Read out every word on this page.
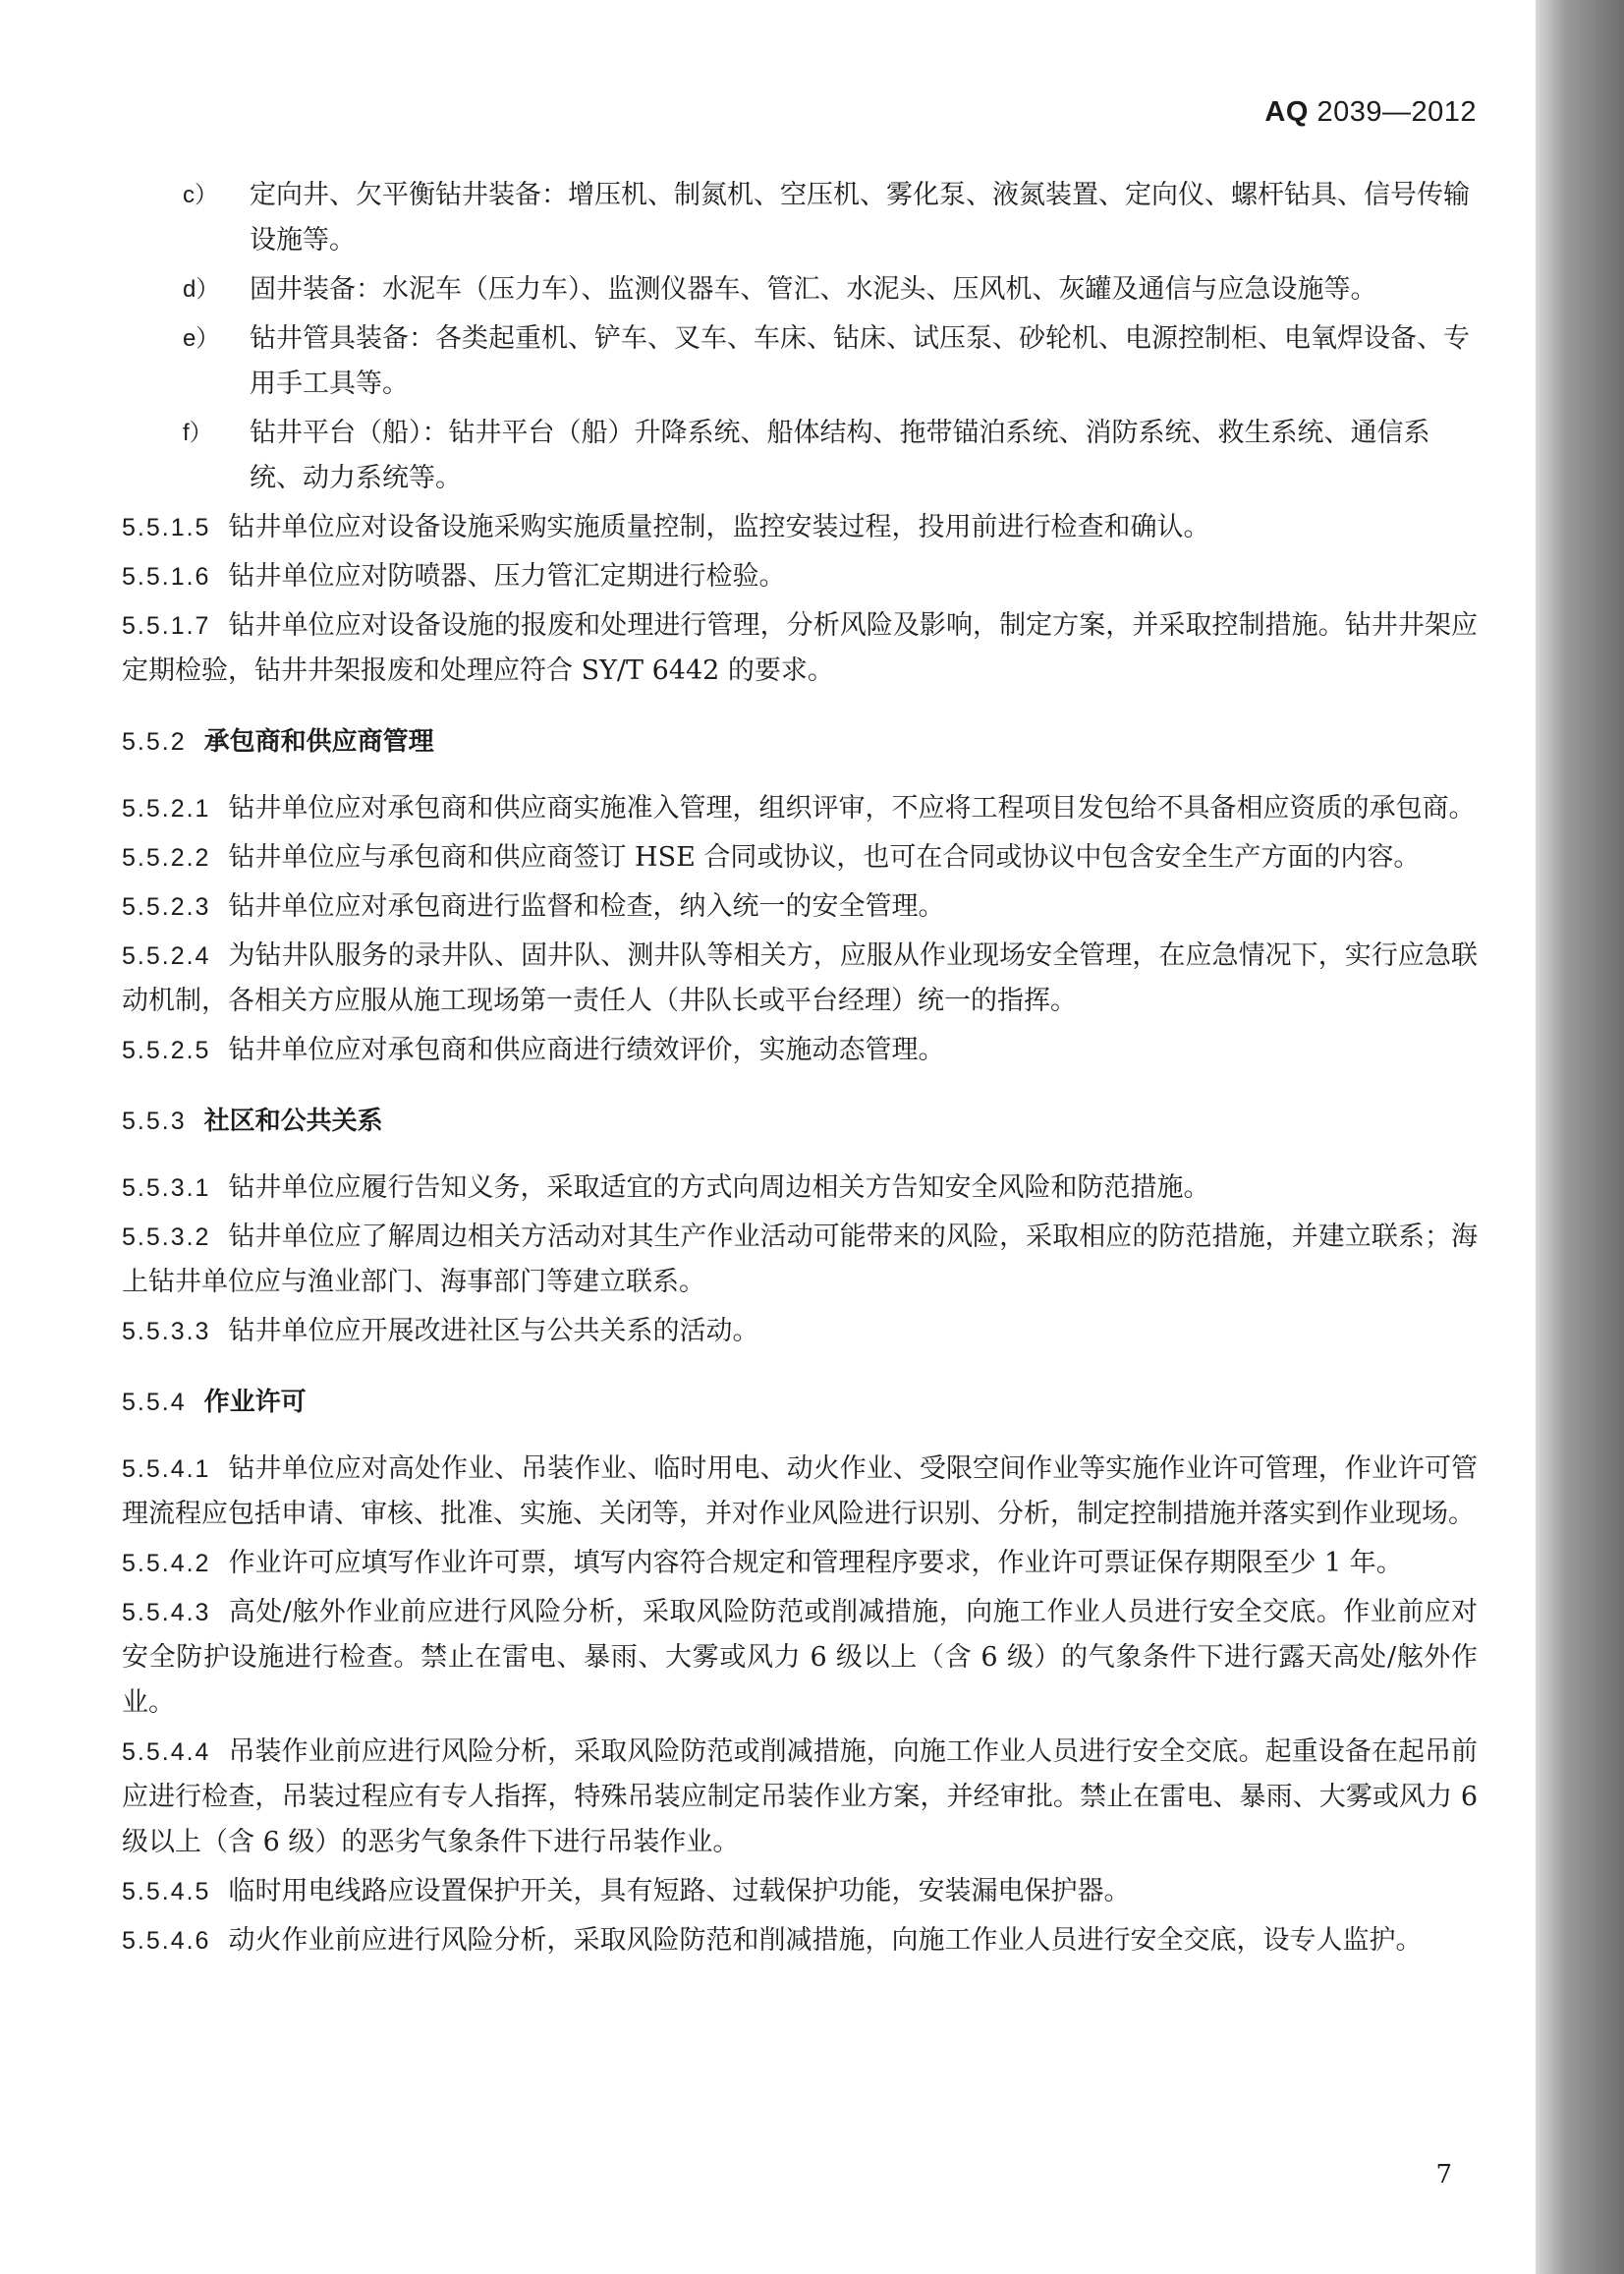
AQ 2039—2012
c） 定向井、欠平衡钻井装备：增压机、制氮机、空压机、雾化泵、液氮装置、定向仪、螺杆钻具、信号传输设施等。
d） 固井装备：水泥车（压力车）、监测仪器车、管汇、水泥头、压风机、灰罐及通信与应急设施等。
e） 钻井管具装备：各类起重机、铲车、叉车、车床、钻床、试压泵、砂轮机、电源控制柜、电氧焊设备、专用手工具等。
f） 钻井平台（船）：钻井平台（船）升降系统、船体结构、拖带锚泊系统、消防系统、救生系统、通信系统、动力系统等。
5.5.1.5 钻井单位应对设备设施采购实施质量控制，监控安装过程，投用前进行检查和确认。
5.5.1.6 钻井单位应对防喷器、压力管汇定期进行检验。
5.5.1.7 钻井单位应对设备设施的报废和处理进行管理，分析风险及影响，制定方案，并采取控制措施。钻井井架应定期检验，钻井井架报废和处理应符合 SY/T 6442 的要求。
5.5.2 承包商和供应商管理
5.5.2.1 钻井单位应对承包商和供应商实施准入管理，组织评审，不应将工程项目发包给不具备相应资质的承包商。
5.5.2.2 钻井单位应与承包商和供应商签订 HSE 合同或协议，也可在合同或协议中包含安全生产方面的内容。
5.5.2.3 钻井单位应对承包商进行监督和检查，纳入统一的安全管理。
5.5.2.4 为钻井队服务的录井队、固井队、测井队等相关方，应服从作业现场安全管理，在应急情况下，实行应急联动机制，各相关方应服从施工现场第一责任人（井队长或平台经理）统一的指挥。
5.5.2.5 钻井单位应对承包商和供应商进行绩效评价，实施动态管理。
5.5.3 社区和公共关系
5.5.3.1 钻井单位应履行告知义务，采取适宜的方式向周边相关方告知安全风险和防范措施。
5.5.3.2 钻井单位应了解周边相关方活动对其生产作业活动可能带来的风险，采取相应的防范措施，并建立联系；海上钻井单位应与渔业部门、海事部门等建立联系。
5.5.3.3 钻井单位应开展改进社区与公共关系的活动。
5.5.4 作业许可
5.5.4.1 钻井单位应对高处作业、吊装作业、临时用电、动火作业、受限空间作业等实施作业许可管理，作业许可管理流程应包括申请、审核、批准、实施、关闭等，并对作业风险进行识别、分析，制定控制措施并落实到作业现场。
5.5.4.2 作业许可应填写作业许可票，填写内容符合规定和管理程序要求，作业许可票证保存期限至少 1 年。
5.5.4.3 高处/舷外作业前应进行风险分析，采取风险防范或削减措施，向施工作业人员进行安全交底。作业前应对安全防护设施进行检查。禁止在雷电、暴雨、大雾或风力 6 级以上（含 6 级）的气象条件下进行露天高处/舷外作业。
5.5.4.4 吊装作业前应进行风险分析，采取风险防范或削减措施，向施工作业人员进行安全交底。起重设备在起吊前应进行检查，吊装过程应有专人指挥，特殊吊装应制定吊装作业方案，并经审批。禁止在雷电、暴雨、大雾或风力 6 级以上（含 6 级）的恶劣气象条件下进行吊装作业。
5.5.4.5 临时用电线路应设置保护开关，具有短路、过载保护功能，安装漏电保护器。
5.5.4.6 动火作业前应进行风险分析，采取风险防范和削减措施，向施工作业人员进行安全交底，设专人监护。
7
